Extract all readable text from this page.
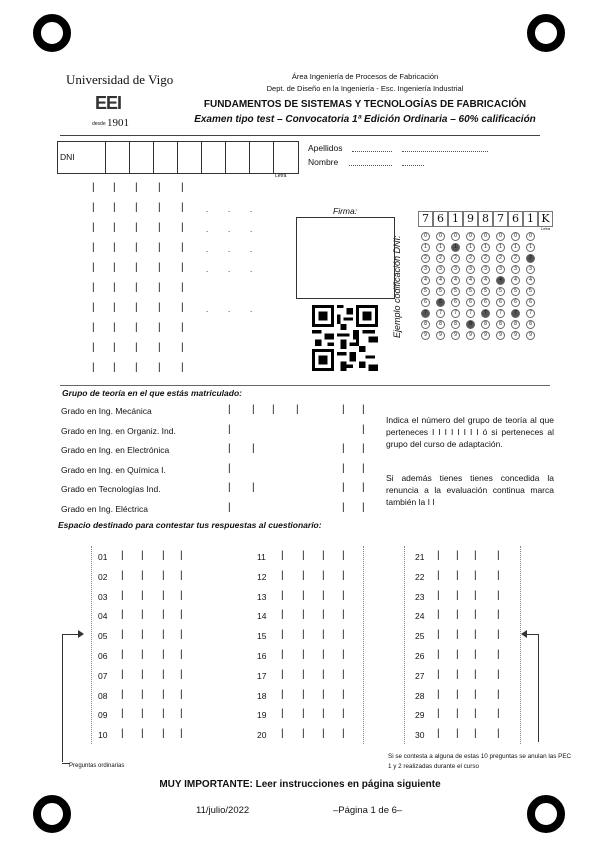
Universidad de Vigo
EEI
desde 1901
Área Ingeniería de Procesos de Fabricación
Dept. de Diseño en la Ingeniería - Esc. Ingeniería Industrial
FUNDAMENTOS DE SISTEMAS Y TECNOLOGÍAS DE FABRICACIÓN
Examen tipo test – Convocatoria 1ª Edición Ordinaria – 60% calificación
DNI
Letra
Apellidos
Nombre
| | | | |
| | | | |	. . .
| | | | |	. . .
| | | | |	. . .
| | | | |	. . .
| | | | |
| | | | |	. . .
| | | | |
| | | | |
| | | | |
Firma:
Ejemplo codificación DNI:
7 6 1 9 8 7 6 1 K
Letra
0	0	0	0	0	0	0	0
1	1	1	1	1	1	1	1
2	2	2	2	2	2	2	2
3	3	3	3	3	3	3	3
4	4	4	4	4	4	4	4
5	5	5	5	5	5	5	5
6	6	6	6	6	6	6	6
7	7	7	7	7	7	7	7
8	8	8	8	8	8	8	8
9	9	9	9	9	9	9	9
Grupo de teoría en el que estás matriculado:
Grado en Ing. Mecánica	| | | |	| |
Grado en Ing. en Organiz. Ind.	|	|
Grado en Ing. en Electrónica	| |	| |
Grado en Ing. en Química I.	|	| |
Grado en Tecnologías Ind.	| |	| |
Grado en Ing. Eléctrica	|	| |
Indica el número del grupo de teoría al que perteneces I I I I I I I I ó si perteneces al grupo del curso de adaptación.
Si además tienes tienes concedida la renuncia a la evaluación continua marca también la I I
Espacio destinado para contestar tus respuestas al cuestionario:
01 | | | |
02 | | | |
03 | | | |
04 | | | |
05 | | | |
06 | | | |
07 | | | |
08 | | | |
09 | | | |
10 | | | |
11 | | | |
12 | | | |
13 | | | |
14 | | | |
15 | | | |
16 | | | |
17 | | | |
18 | | | |
19 | | | |
20 | | | |
21 | | | |
22 | | | |
23 | | | |
24 | | | |
25 | | | |
26 | | | |
27 | | | |
28 | | | |
29 | | | |
30 | | | |
Preguntas ordinarias
Si se contesta a alguna de estas 10 preguntas se anulan las PEC 1 y 2 realizadas durante el curso
MUY IMPORTANTE: Leer instrucciones en página siguiente
11/julio/2022	–Página 1 de 6–
